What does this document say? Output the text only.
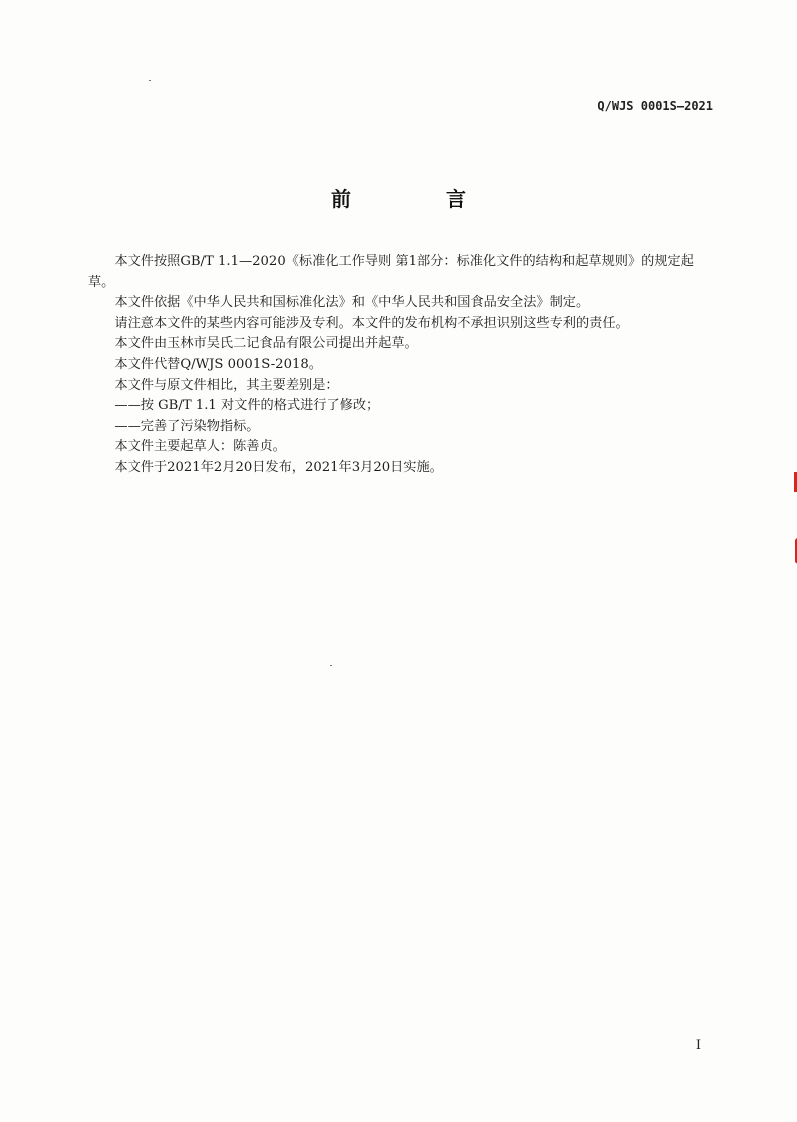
Q/WJS 0001S—2021
前 言

本文件按照GB/T 1.1—2020《标准化工作导则 第1部分：标准化文件的结构和起草规则》的规定起草。

本文件依据《中华人民共和国标准化法》和《中华人民共和国食品安全法》制定。

请注意本文件的某些内容可能涉及专利。本文件的发布机构不承担识别这些专利的责任。

本文件由玉林市吴氏二记食品有限公司提出并起草。

本文件代替Q/WJS 0001S-2018。

本文件与原文件相比，其主要差别是：

——按 GB/T 1.1 对文件的格式进行了修改；

——完善了污染物指标。

本文件主要起草人：陈善贞。

本文件于2021年2月20日发布，2021年3月20日实施。

I
